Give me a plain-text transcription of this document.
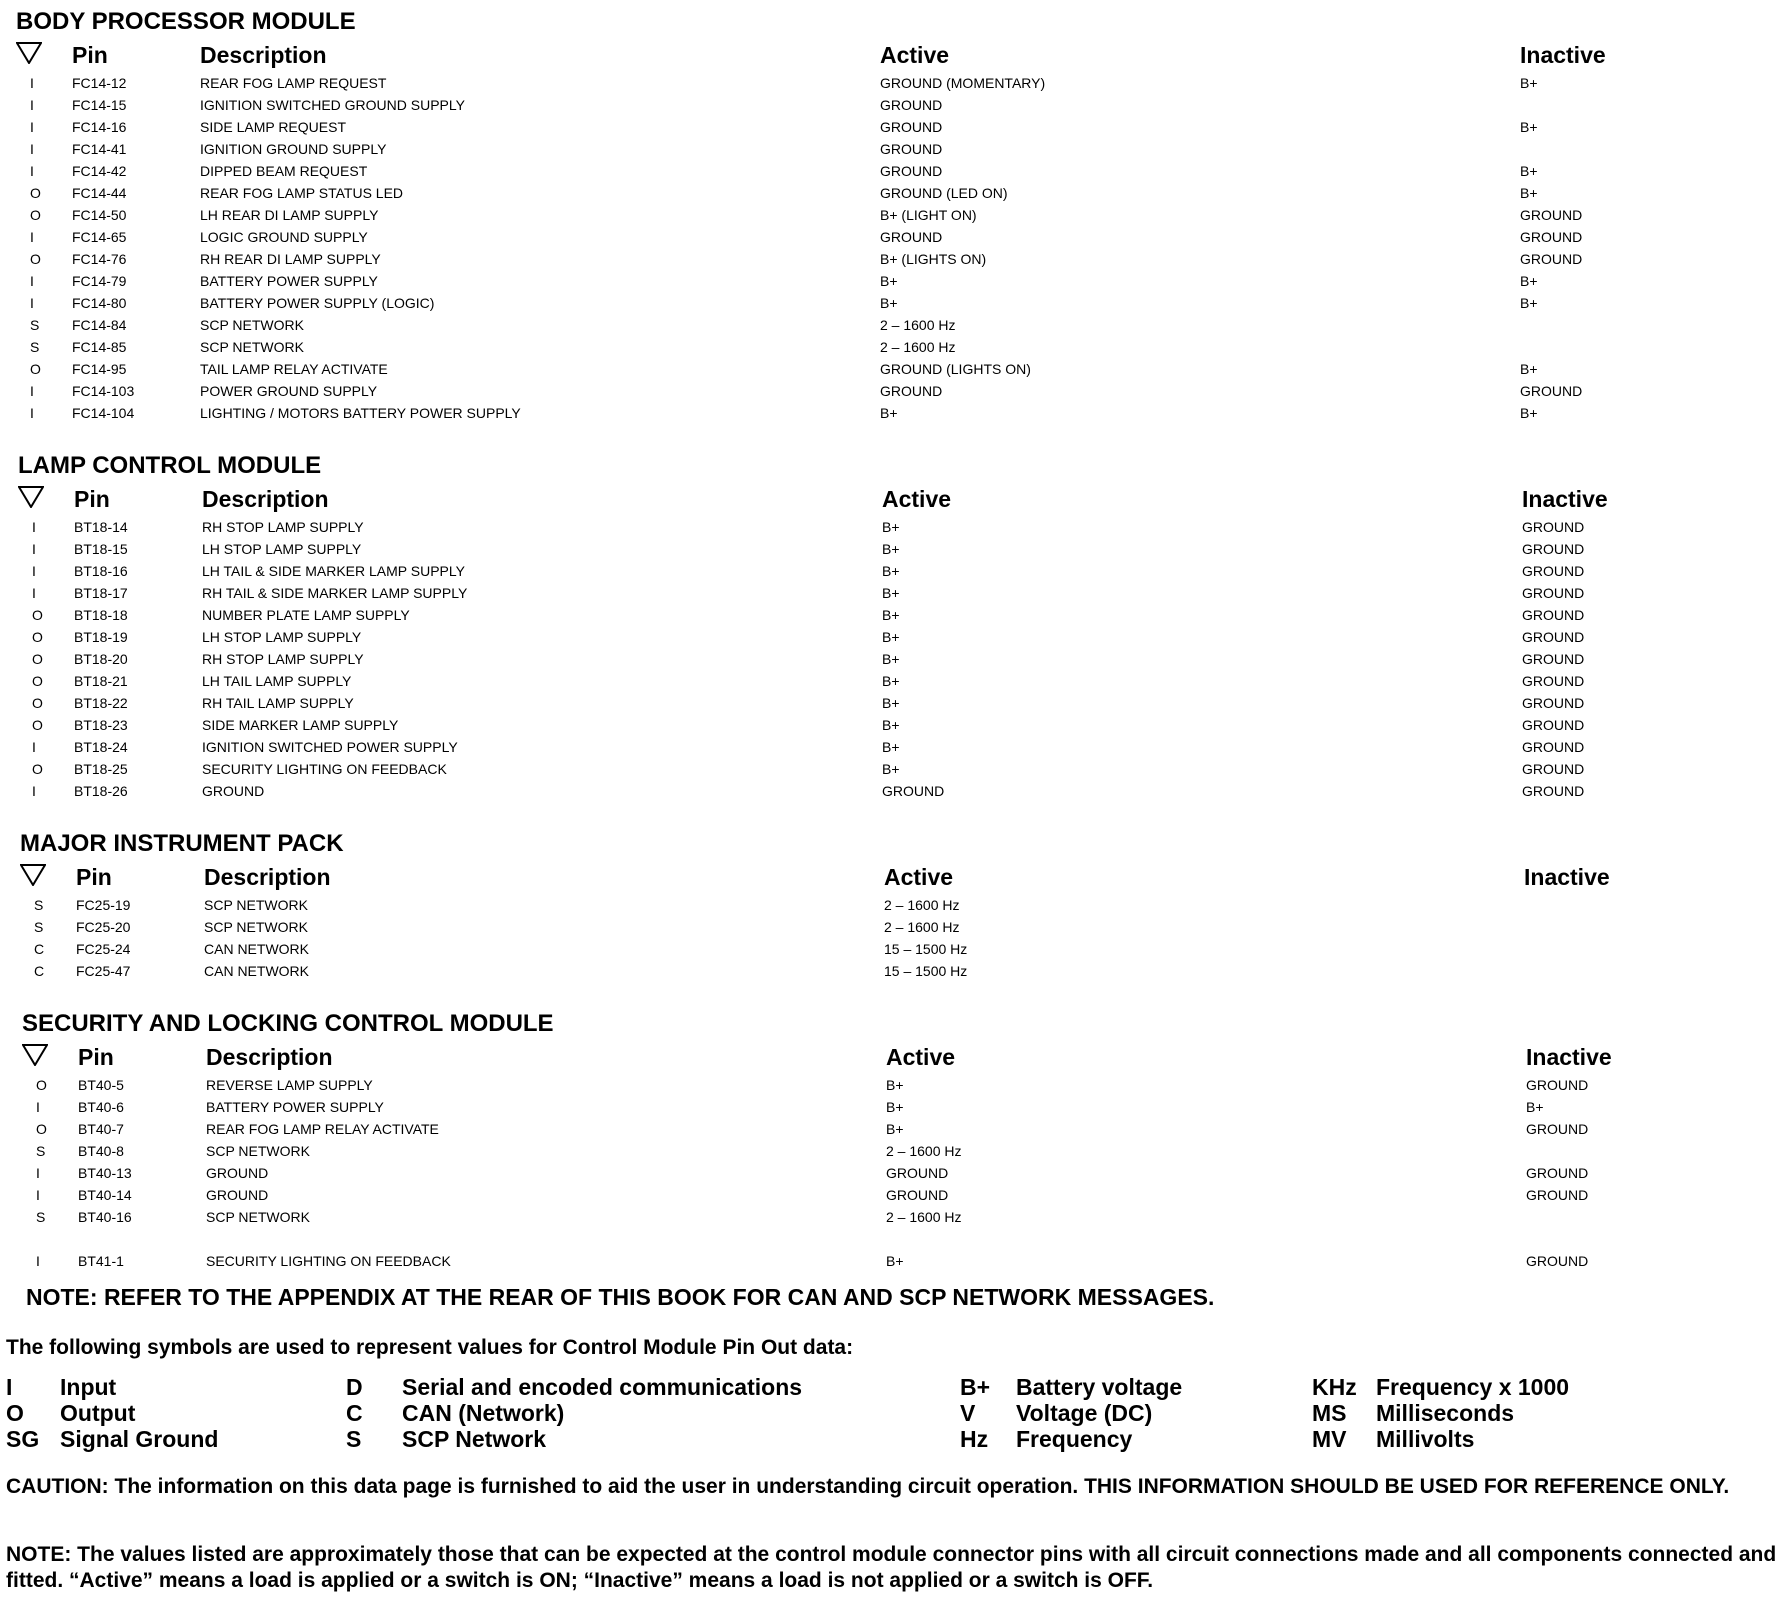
BODY PROCESSOR MODULE
Pin	Description	Active	Inactive
I	FC14-12	REAR FOG LAMP REQUEST	GROUND (MOMENTARY)	B+
I	FC14-15	IGNITION SWITCHED GROUND SUPPLY	GROUND
I	FC14-16	SIDE LAMP REQUEST	GROUND	B+
I	FC14-41	IGNITION GROUND SUPPLY	GROUND
I	FC14-42	DIPPED BEAM REQUEST	GROUND	B+
O FC14-44	REAR FOG LAMP STATUS LED	GROUND (LED ON)	B+
O FC14-50	LH REAR DI LAMP SUPPLY	B+ (LIGHT ON)	GROUND
I	FC14-65	LOGIC GROUND SUPPLY	GROUND	GROUND
O FC14-76	RH REAR DI LAMP SUPPLY	B+ (LIGHTS ON)	GROUND
I	FC14-79	BATTERY POWER SUPPLY	B+	B+
I	FC14-80	BATTERY POWER SUPPLY (LOGIC)	B+	B+
S FC14-84	SCP NETWORK	2 – 1600 Hz
S FC14-85	SCP NETWORK	2 – 1600 Hz
O FC14-95	TAIL LAMP RELAY ACTIVATE	GROUND (LIGHTS ON)	B+
I	FC14-103	POWER GROUND SUPPLY	GROUND	GROUND
I	FC14-104	LIGHTING / MOTORS BATTERY POWER SUPPLY	B+	B+
LAMP CONTROL MODULE
Pin	Description	Active	Inactive
I	BT18-14	RH STOP LAMP SUPPLY	B+	GROUND
I	BT18-15	LH STOP LAMP SUPPLY	B+	GROUND
I	BT18-16	LH TAIL & SIDE MARKER LAMP SUPPLY	B+	GROUND
I	BT18-17	RH TAIL & SIDE MARKER LAMP SUPPLY	B+	GROUND
O BT18-18	NUMBER PLATE LAMP SUPPLY	B+	GROUND
O BT18-19	LH STOP LAMP SUPPLY	B+	GROUND
O BT18-20	RH STOP LAMP SUPPLY	B+	GROUND
O BT18-21	LH TAIL LAMP SUPPLY	B+	GROUND
O BT18-22	RH TAIL LAMP SUPPLY	B+	GROUND
O BT18-23	SIDE MARKER LAMP SUPPLY	B+	GROUND
I	BT18-24	IGNITION SWITCHED POWER SUPPLY	B+	GROUND
O BT18-25	SECURITY LIGHTING ON FEEDBACK	B+	GROUND
I	BT18-26	GROUND	GROUND	GROUND
MAJOR INSTRUMENT PACK
Pin	Description	Active	Inactive
S FC25-19	SCP NETWORK	2 – 1600 Hz
S FC25-20	SCP NETWORK	2 – 1600 Hz
C FC25-24	CAN NETWORK	15 – 1500 Hz
C FC25-47	CAN NETWORK	15 – 1500 Hz
SECURITY AND LOCKING CONTROL MODULE
Pin	Description	Active	Inactive
O BT40-5	REVERSE LAMP SUPPLY	B+	GROUND
I	BT40-6	BATTERY POWER SUPPLY	B+	B+
O BT40-7	REAR FOG LAMP RELAY ACTIVATE	B+	GROUND
S BT40-8	SCP NETWORK	2 – 1600 Hz
I	BT40-13	GROUND	GROUND	GROUND
I	BT40-14	GROUND	GROUND	GROUND
S BT40-16	SCP NETWORK	2 – 1600 Hz
I	BT41-1	SECURITY LIGHTING ON FEEDBACK	B+	GROUND
NOTE: REFER TO THE APPENDIX AT THE REAR OF THIS BOOK FOR CAN AND SCP NETWORK MESSAGES.
The following symbols are used to represent values for Control Module Pin Out data:
I Input
O Output
SG Signal Ground
D Serial and encoded communications
C CAN (Network)
S SCP Network
B+ Battery voltage
V Voltage (DC)
Hz Frequency
KHz Frequency x 1000
MS Milliseconds
MV Millivolts
CAUTION: The information on this data page is furnished to aid the user in understanding circuit operation. THIS INFORMATION SHOULD BE USED FOR REFERENCE ONLY.
NOTE: The values listed are approximately those that can be expected at the control module connector pins with all circuit connections made and all components connected and fitted. “Active” means a load is applied or a switch is ON; “Inactive” means a load is not applied or a switch is OFF.
